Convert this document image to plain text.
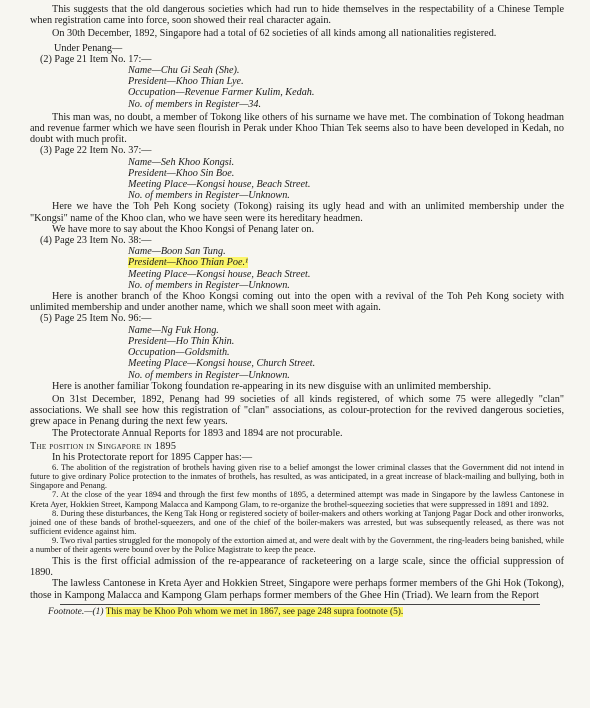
This suggests that the old dangerous societies which had run to hide themselves in the respectability of a Chinese Temple when registration came into force, soon showed their real character again.

On 30th December, 1892, Singapore had a total of 62 societies of all kinds among all nationalities registered.

Under Penang—

(2) Page 21 Item No. 17:—

Name—Chu Gi Seah (She).

President—Khoo Thian Lye.

Occupation—Revenue Farmer Kulim, Kedah.

No. of members in Register—34.

This man was, no doubt, a member of Tokong like others of his surname we have met. The combination of Tokong headman and revenue farmer which we have seen flourish in Perak under Khoo Thian Tek seems also to have been developed in Kedah, no doubt with much profit.

(3) Page 22 Item No. 37:—

Name—Seh Khoo Kongsi.

President—Khoo Sin Boe.

Meeting Place—Kongsi house, Beach Street.

No. of members in Register—Unknown.

Here we have the Toh Peh Kong society (Tokong) raising its ugly head and with an unlimited membership under the "Kongsi" name of the Khoo clan, who we have seen were its hereditary headmen.

We have more to say about the Khoo Kongsi of Penang later on.

(4) Page 23 Item No. 38:—

Name—Boon San Tung.

President—Khoo Thian Poe.¹

Meeting Place—Kongsi house, Beach Street.

No. of members in Register—Unknown.

Here is another branch of the Khoo Kongsi coming out into the open with a revival of the Toh Peh Kong society with unlimited membership and under another name, which we shall soon meet with again.

(5) Page 25 Item No. 96:—

Name—Ng Fuk Hong.

President—Ho Thin Khin.

Occupation—Goldsmith.

Meeting Place—Kongsi house, Church Street.

No. of members in Register—Unknown.

Here is another familiar Tokong foundation re-appearing in its new disguise with an unlimited membership.

On 31st December, 1892, Penang had 99 societies of all kinds registered, of which some 75 were allegedly "clan" associations. We shall see how this registration of "clan" associations, as colour-protection for the revived dangerous societies, grew apace in Penang during the next few years.

The Protectorate Annual Reports for 1893 and 1894 are not procurable.

The position in Singapore in 1895

In his Protectorate report for 1895 Capper has:—

6. The abolition of the registration of brothels having given rise to a belief amongst the lower criminal classes that the Government did not intend in future to give ordinary Police protection to the inmates of brothels, has resulted, as was anticipated, in a great increase of black-mailing and bullying, both in Singapore and Penang.

7. At the close of the year 1894 and through the first few months of 1895, a determined attempt was made in Singapore by the lawless Cantonese in Kreta Ayer, Hokkien Street, Kampong Malacca and Kampong Glam, to re-organize the brothel-squeezing societies that were suppressed in 1891 and 1892.

8. During these disturbances, the Keng Tak Hong or registered society of boiler-makers and others working at Tanjong Pagar Dock and other ironworks, joined one of these bands of brothel-squeezers, and one of the chief of the boiler-makers was arrested, but was subsequently released, as there was not sufficient evidence against him.

9. Two rival parties struggled for the monopoly of the extortion aimed at, and were dealt with by the Government, the ring-leaders being banished, while a number of their agents were bound over by the Police Magistrate to keep the peace.

This is the first official admission of the re-appearance of racketeering on a large scale, since the official suppression of 1890.

The lawless Cantonese in Kreta Ayer and Hokkien Street, Singapore were perhaps former members of the Ghi Hok (Tokong), those in Kampong Malacca and Kampong Glam perhaps former members of the Ghee Hin (Triad). We learn from the Report

Footnote.—(1) This may be Khoo Poh whom we met in 1867, see page 248 supra footnote (5).
